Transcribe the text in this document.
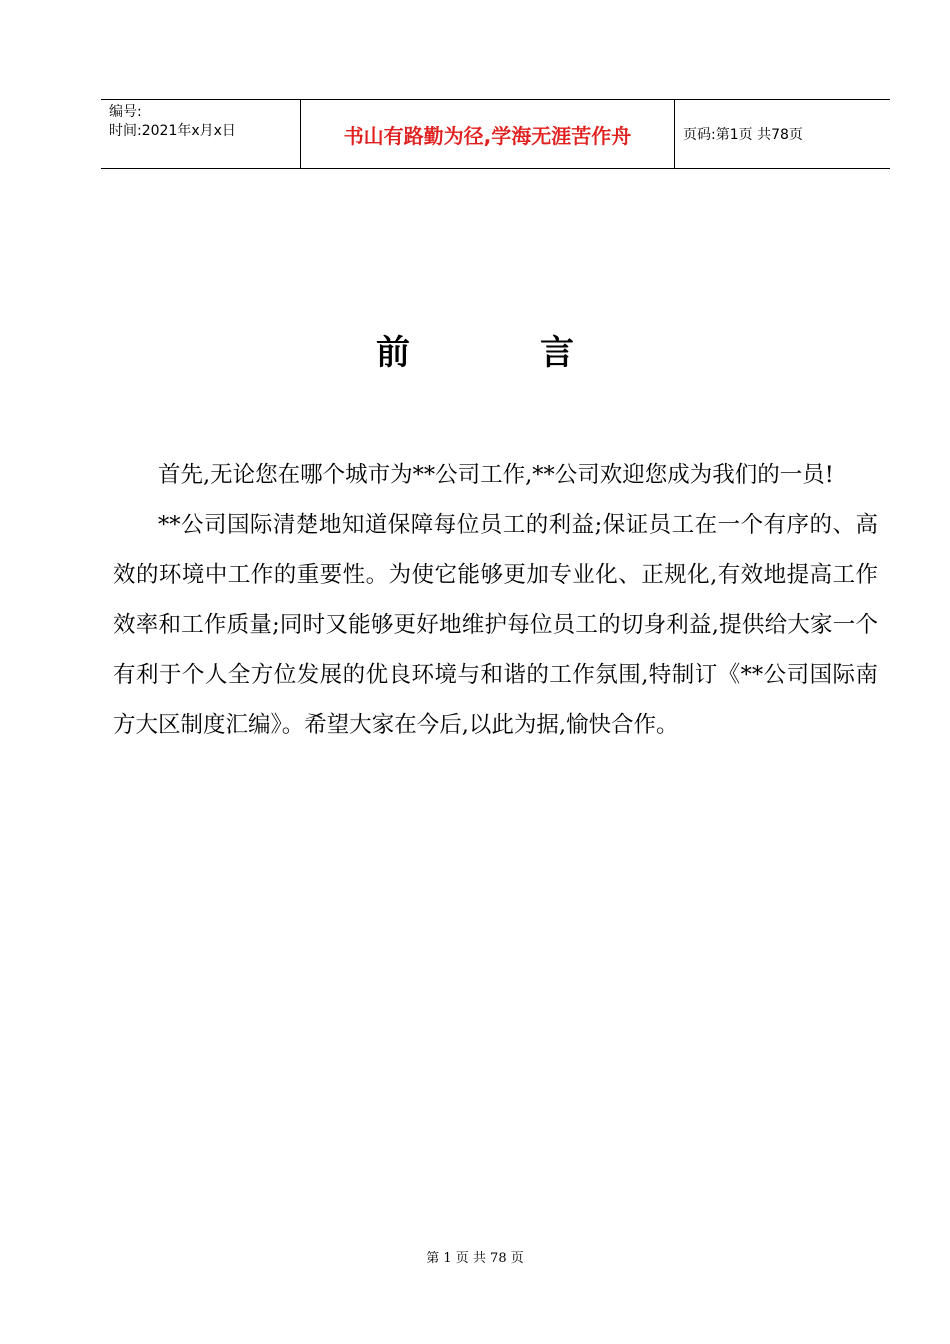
编号:
时间:2021年x月x日	书山有路勤为径,学海无涯苦作舟	页码:第1页 共78页
前言

首先,无论您在哪个城市为**公司工作,**公司欢迎您成为我们的一员!

**公司国际清楚地知道保障每位员工的利益;保证员工在一个有序的、高效的环境中工作的重要性。为使它能够更加专业化、正规化,有效地提高工作效率和工作质量;同时又能够更好地维护每位员工的切身利益,提供给大家一个有利于个人全方位发展的优良环境与和谐的工作氛围,特制订《**公司国际南方大区制度汇编》。希望大家在今后,以此为据,愉快合作。

第 1 页 共 78 页
